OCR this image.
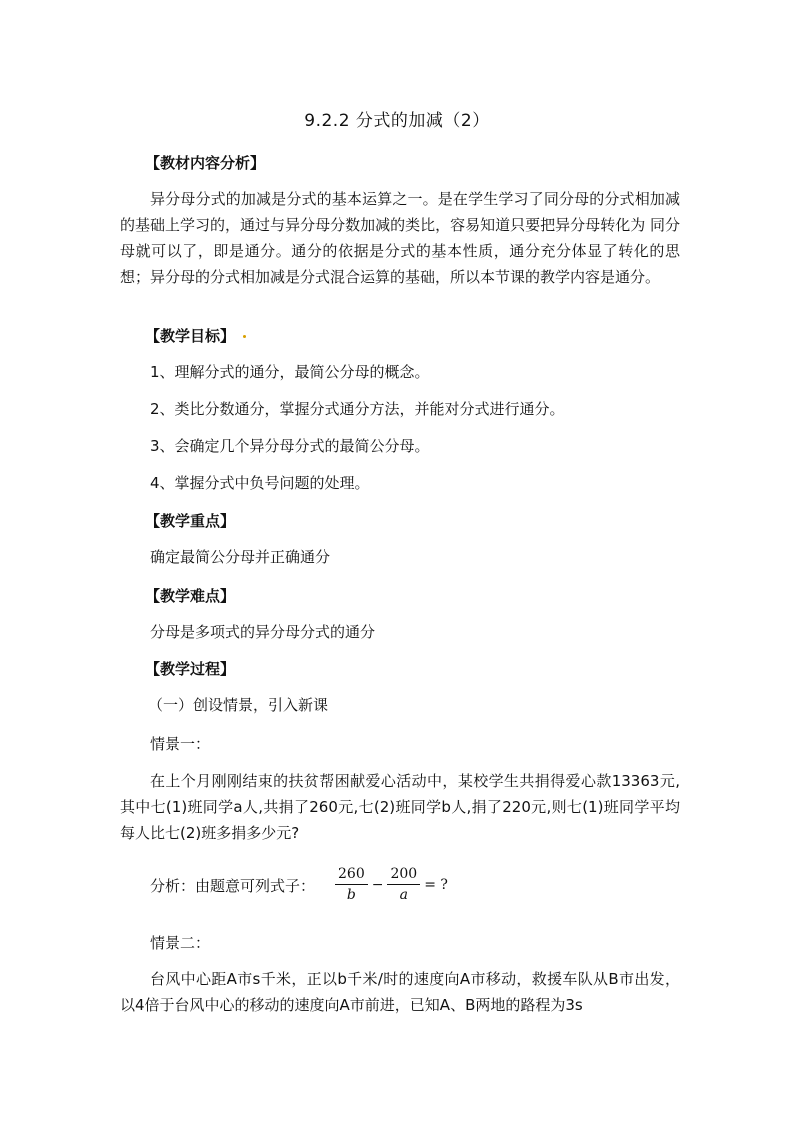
9.2.2 分式的加减（2）
【教材内容分析】
异分母分式的加减是分式的基本运算之一。是在学生学习了同分母的分式相加减的基础上学习的，通过与异分母分数加减的类比，容易知道只要把异分母转化为 同分母就可以了，即是通分。通分的依据是分式的基本性质，通分充分体显了转化的思想；异分母的分式相加减是分式混合运算的基础，所以本节课的教学内容是通分。
【教学目标】
1、理解分式的通分，最简公分母的概念。
2、类比分数通分，掌握分式通分方法，并能对分式进行通分。
3、会确定几个异分母分式的最简公分母。
4、掌握分式中负号问题的处理。
【教学重点】
确定最简公分母并正确通分
【教学难点】
分母是多项式的异分母分式的通分
【教学过程】
（一）创设情景，引入新课
情景一：
在上个月刚刚结束的扶贫帮困献爱心活动中，某校学生共捐得爱心款13363元,其中七(1)班同学a人,共捐了260元,七(2)班同学b人,捐了220元,则七(1)班同学平均每人比七(2)班多捐多少元?
分析：由题意可列式子： $\frac{260}{b} - \frac{200}{a}$ = ?
情景二：
台风中心距A市s千米，正以b千米/时的速度向A市移动，救援车队从B市出发，以4倍于台风中心的移动的速度向A市前进，已知A、B两地的路程为3s
